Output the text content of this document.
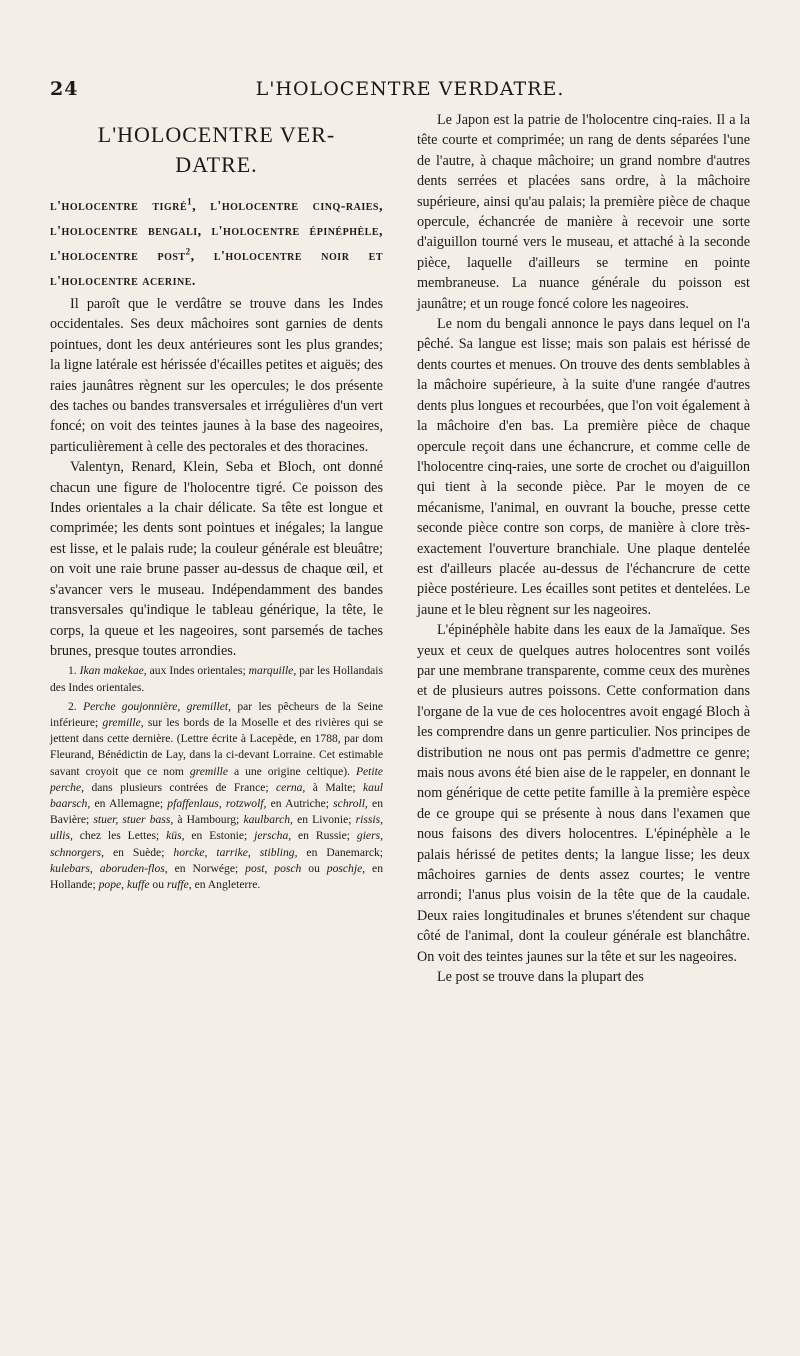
24	L'HOLOCENTRE VERDATRE.
L'HOLOCENTRE VER-
DATRE.

l'holocentre tigré$^1$, l'holocentre cinq-raies, l'holocentre bengali, l'holocentre épinéphèle, l'holocentre post$^2$, l'holocentre noir et l'holocentre acerine.

Il paroît que le verdâtre se trouve dans les Indes occidentales. Ses deux mâchoires sont garnies de dents pointues, dont les deux antérieures sont les plus grandes; la ligne latérale est hérissée d'écailles petites et aiguës; des raies jaunâtres règnent sur les opercules; le dos présente des taches ou bandes transversales et irrégulières d'un vert foncé; on voit des teintes jaunes à la base des nageoires, particulièrement à celle des pectorales et des thoracines.

Valentyn, Renard, Klein, Seba et Bloch, ont donné chacun une figure de l'holocentre tigré. Ce poisson des Indes orientales a la chair délicate. Sa tête est longue et comprimée; les dents sont pointues et inégales; la langue est lisse, et le palais rude; la couleur générale est bleuâtre; on voit une raie brune passer au-dessus de chaque œil, et s'avancer vers le museau. Indépendamment des bandes transversales qu'indique le tableau générique, la tête, le corps, la queue et les nageoires, sont parsemés de taches brunes, presque toutes arrondies.

1. Ikan makekae, aux Indes orientales; marquille, par les Hollandais des Indes orientales.

2. Perche goujonnière, gremillet, par les pêcheurs de la Seine inférieure; gremille, sur les bords de la Moselle et des rivières qui se jettent dans cette dernière. (Lettre écrite à Lacepède, en 1788, par dom Fleurand, Bénédictin de Lay, dans la ci-devant Lorraine. Cet estimable savant croyoit que ce nom gremille a une origine celtique). Petite perche, dans plusieurs contrées de France; cerna, à Malte; kaul baarsch, en Allemagne; pfaffenlaus, rotzwolf, en Autriche; schroll, en Bavière; stuer, stuer bass, à Hambourg; kaulbarch, en Livonie; rissis, ullis, chez les Lettes; küs, en Estonie; jerscha, en Russie; giers, schnorgers, en Suède; horcke, tarrike, stibling, en Danemarck; kulebars, aboruden-flos, en Norwége; post, posch ou poschje, en Hollande; pope, kuffe ou ruffe, en Angleterre.

Le Japon est la patrie de l'holocentre cinq-raies. Il a la tête courte et comprimée; un rang de dents séparées l'une de l'autre, à chaque mâchoire; un grand nombre d'autres dents serrées et placées sans ordre, à la mâchoire supérieure, ainsi qu'au palais; la première pièce de chaque opercule, échancrée de manière à recevoir une sorte d'aiguillon tourné vers le museau, et attaché à la seconde pièce, laquelle d'ailleurs se termine en pointe membraneuse. La nuance générale du poisson est jaunâtre; et un rouge foncé colore les nageoires.

Le nom du bengali annonce le pays dans lequel on l'a pêché. Sa langue est lisse; mais son palais est hérissé de dents courtes et menues. On trouve des dents semblables à la mâchoire supérieure, à la suite d'une rangée d'autres dents plus longues et recourbées, que l'on voit également à la mâchoire d'en bas. La première pièce de chaque opercule reçoit dans une échancrure, et comme celle de l'holocentre cinq-raies, une sorte de crochet ou d'aiguillon qui tient à la seconde pièce. Par le moyen de ce mécanisme, l'animal, en ouvrant la bouche, presse cette seconde pièce contre son corps, de manière à clore très-exactement l'ouverture branchiale. Une plaque dentelée est d'ailleurs placée au-dessus de l'échancrure de cette pièce postérieure. Les écailles sont petites et dentelées. Le jaune et le bleu règnent sur les nageoires.

L'épinéphèle habite dans les eaux de la Jamaïque. Ses yeux et ceux de quelques autres holocentres sont voilés par une membrane transparente, comme ceux des murènes et de plusieurs autres poissons. Cette conformation dans l'organe de la vue de ces holocentres avoit engagé Bloch à les comprendre dans un genre particulier. Nos principes de distribution ne nous ont pas permis d'admettre ce genre; mais nous avons été bien aise de le rappeler, en donnant le nom générique de cette petite famille à la première espèce de ce groupe qui se présente à nous dans l'examen que nous faisons des divers holocentres. L'épinéphèle a le palais hérissé de petites dents; la langue lisse; les deux mâchoires garnies de dents assez courtes; le ventre arrondi; l'anus plus voisin de la tête que de la caudale. Deux raies longitudinales et brunes s'étendent sur chaque côté de l'animal, dont la couleur générale est blanchâtre. On voit des teintes jaunes sur la tête et sur les nageoires.

Le post se trouve dans la plupart des
